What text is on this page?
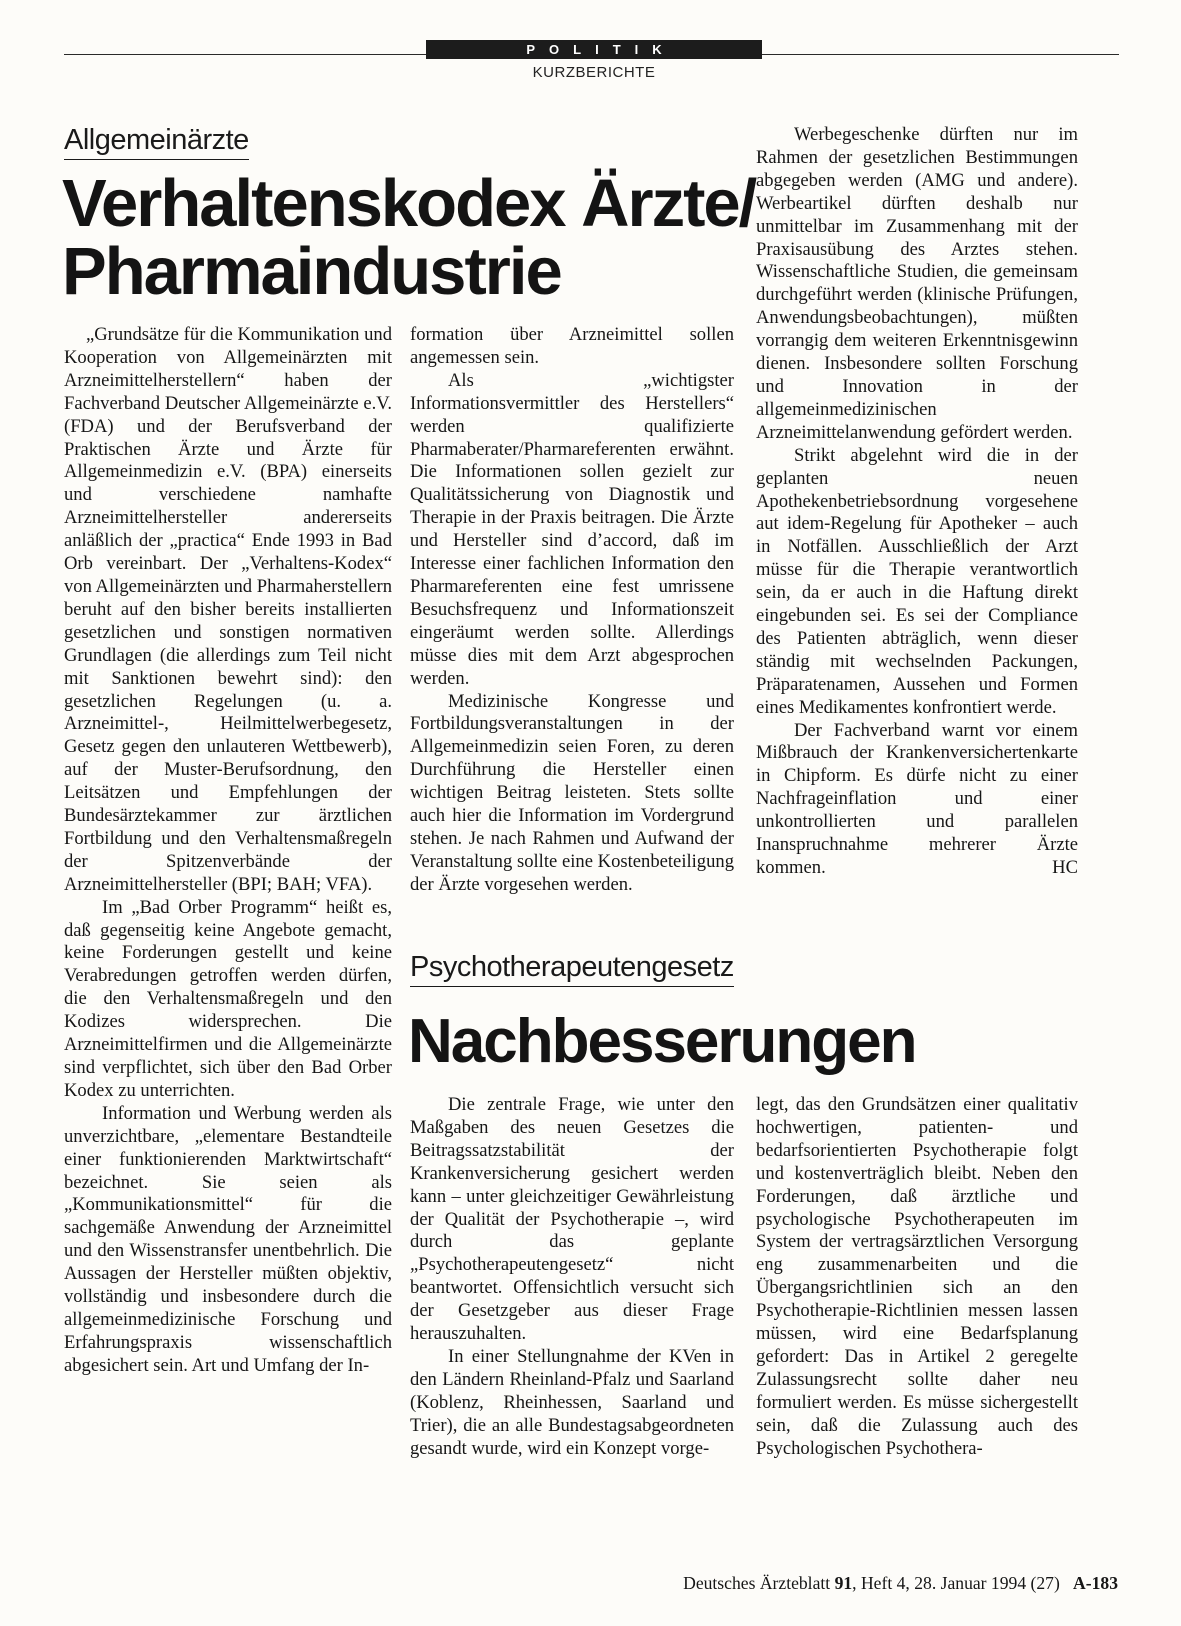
POLITIK
KURZBERICHTE
Allgemeinärzte
Verhaltenskodex Ärzte/
Pharmaindustrie

„Grundsätze für die Kommunikation und Kooperation von Allgemeinärzten mit Arzneimittelherstellern“ haben der Fachverband Deutscher Allgemeinärzte e.V. (FDA) und der Berufsverband der Praktischen Ärzte und Ärzte für Allgemeinmedizin e.V. (BPA) einerseits und verschiedene namhafte Arzneimittelhersteller andererseits anläßlich der „practica“ Ende 1993 in Bad Orb vereinbart. Der „Verhaltens-Kodex“ von Allgemeinärzten und Pharmaherstellern beruht auf den bisher bereits installierten gesetzlichen und sonstigen normativen Grundlagen (die allerdings zum Teil nicht mit Sanktionen bewehrt sind): den gesetzlichen Regelungen (u. a. Arzneimittel-, Heilmittelwerbegesetz, Gesetz gegen den unlauteren Wettbewerb), auf der Muster-Berufsordnung, den Leitsätzen und Empfehlungen der Bundesärztekammer zur ärztlichen Fortbildung und den Verhaltensmaßregeln der Spitzenverbände der Arzneimittelhersteller (BPI; BAH; VFA).

Im „Bad Orber Programm“ heißt es, daß gegenseitig keine Angebote gemacht, keine Forderungen gestellt und keine Verabredungen getroffen werden dürfen, die den Verhaltensmaßregeln und den Kodizes widersprechen. Die Arzneimittelfirmen und die Allgemeinärzte sind verpflichtet, sich über den Bad Orber Kodex zu unterrichten.

Information und Werbung werden als unverzichtbare, „elementare Bestandteile einer funktionierenden Marktwirtschaft“ bezeichnet. Sie seien als „Kommunikationsmittel“ für die sachgemäße Anwendung der Arzneimittel und den Wissenstransfer unentbehrlich. Die Aussagen der Hersteller müßten objektiv, vollständig und insbesondere durch die allgemeinmedizinische Forschung und Erfahrungspraxis wissenschaftlich abgesichert sein. Art und Umfang der In-

formation über Arzneimittel sollen angemessen sein.

Als „wichtigster Informationsvermittler des Herstellers“ werden qualifizierte Pharmaberater/Pharmareferenten erwähnt. Die Informationen sollen gezielt zur Qualitätssicherung von Diagnostik und Therapie in der Praxis beitragen. Die Ärzte und Hersteller sind d’accord, daß im Interesse einer fachlichen Information den Pharmareferenten eine fest umrissene Besuchsfrequenz und Informationszeit eingeräumt werden sollte. Allerdings müsse dies mit dem Arzt abgesprochen werden.

Medizinische Kongresse und Fortbildungsveranstaltungen in der Allgemeinmedizin seien Foren, zu deren Durchführung die Hersteller einen wichtigen Beitrag leisteten. Stets sollte auch hier die Information im Vordergrund stehen. Je nach Rahmen und Aufwand der Veranstaltung sollte eine Kostenbeteiligung der Ärzte vorgesehen werden.

Werbegeschenke dürften nur im Rahmen der gesetzlichen Bestimmungen abgegeben werden (AMG und andere). Werbeartikel dürften deshalb nur unmittelbar im Zusammenhang mit der Praxisausübung des Arztes stehen. Wissenschaftliche Studien, die gemeinsam durchgeführt werden (klinische Prüfungen, Anwendungsbeobachtungen), müßten vorrangig dem weiteren Erkenntnisgewinn dienen. Insbesondere sollten Forschung und Innovation in der allgemeinmedizinischen Arzneimittelanwendung gefördert werden.

Strikt abgelehnt wird die in der geplanten neuen Apothekenbetriebsordnung vorgesehene aut idem-Regelung für Apotheker – auch in Notfällen. Ausschließlich der Arzt müsse für die Therapie verantwortlich sein, da er auch in die Haftung direkt eingebunden sei. Es sei der Compliance des Patienten abträglich, wenn dieser ständig mit wechselnden Packungen, Präparatenamen, Aussehen und Formen eines Medikamentes konfrontiert werde.

Der Fachverband warnt vor einem Mißbrauch der Krankenversichertenkarte in Chipform. Es dürfe nicht zu einer Nachfrageinflation und einer unkontrollierten und parallelen Inanspruchnahme mehrerer Ärzte kommen.	HC

Psychotherapeutengesetz
Nachbesserungen

Die zentrale Frage, wie unter den Maßgaben des neuen Gesetzes die Beitragssatzstabilität der Krankenversicherung gesichert werden kann – unter gleichzeitiger Gewährleistung der Qualität der Psychotherapie –, wird durch das geplante „Psychotherapeutengesetz“ nicht beantwortet. Offensichtlich versucht sich der Gesetzgeber aus dieser Frage herauszuhalten.

In einer Stellungnahme der KVen in den Ländern Rheinland-Pfalz und Saarland (Koblenz, Rheinhessen, Saarland und Trier), die an alle Bundestagsabgeordneten gesandt wurde, wird ein Konzept vorge-

legt, das den Grundsätzen einer qualitativ hochwertigen, patienten- und bedarfsorientierten Psychotherapie folgt und kostenverträglich bleibt. Neben den Forderungen, daß ärztliche und psychologische Psychotherapeuten im System der vertragsärztlichen Versorgung eng zusammenarbeiten und die Übergangsrichtlinien sich an den Psychotherapie-Richtlinien messen lassen müssen, wird eine Bedarfsplanung gefordert: Das in Artikel 2 geregelte Zulassungsrecht sollte daher neu formuliert werden. Es müsse sichergestellt sein, daß die Zulassung auch des Psychologischen Psychothera-

Deutsches Ärzteblatt 91, Heft 4, 28. Januar 1994 (27) A-183
